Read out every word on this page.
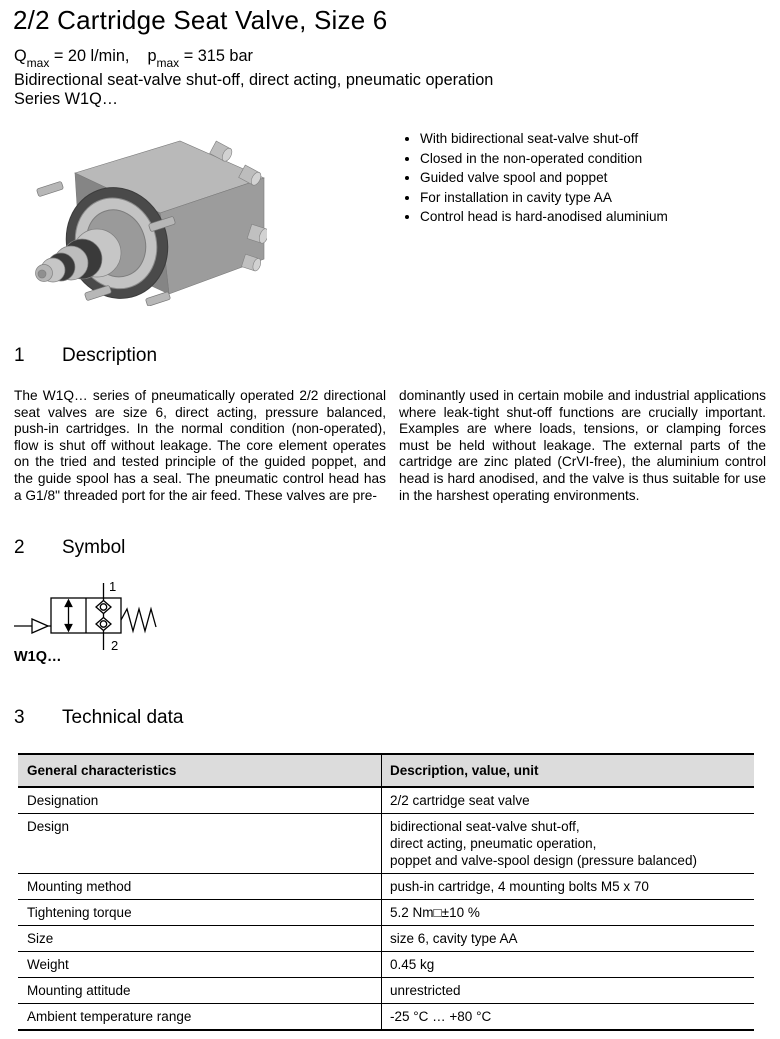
2/2 Cartridge Seat Valve, Size 6
$Q_{max} = 20$ l/min, $p_{max} = 315$ bar
Bidirectional seat-valve shut-off, direct acting, pneumatic operation
Series W1Q…
• With bidirectional seat-valve shut-off
• Closed in the non-operated condition
• Guided valve spool and poppet
• For installation in cavity type AA
• Control head is hard-anodised aluminium
1 Description
The W1Q… series of pneumatically operated 2/2 directional seat valves are size 6, direct acting, pressure balanced, push-in cartridges. In the normal condition (non-operated), flow is shut off without leakage. The core element operates on the tried and tested principle of the guided poppet, and the guide spool has a seal. The pneumatic control head has a G1/8" threaded port for the air feed. These valves are pre-
dominantly used in certain mobile and industrial applications where leak-tight shut-off functions are crucially important. Examples are where loads, tensions, or clamping forces must be held without leakage. The external parts of the cartridge are zinc plated (CrVI-free), the aluminium control head is hard anodised, and the valve is thus suitable for use in the harshest operating environments.
2 Symbol
1
2
W1Q…
3 Technical data
General characteristics	Description, value, unit
Designation	2/2 cartridge seat valve
Design	bidirectional seat-valve shut-off,
direct acting, pneumatic operation,
poppet and valve-spool design (pressure balanced)
Mounting method	push-in cartridge, 4 mounting bolts M5 x 70
Tightening torque	5.2 Nm□±10 %
Size	size 6, cavity type AA
Weight	0.45 kg
Mounting attitude	unrestricted
Ambient temperature range	-25 °C … +80 °C
